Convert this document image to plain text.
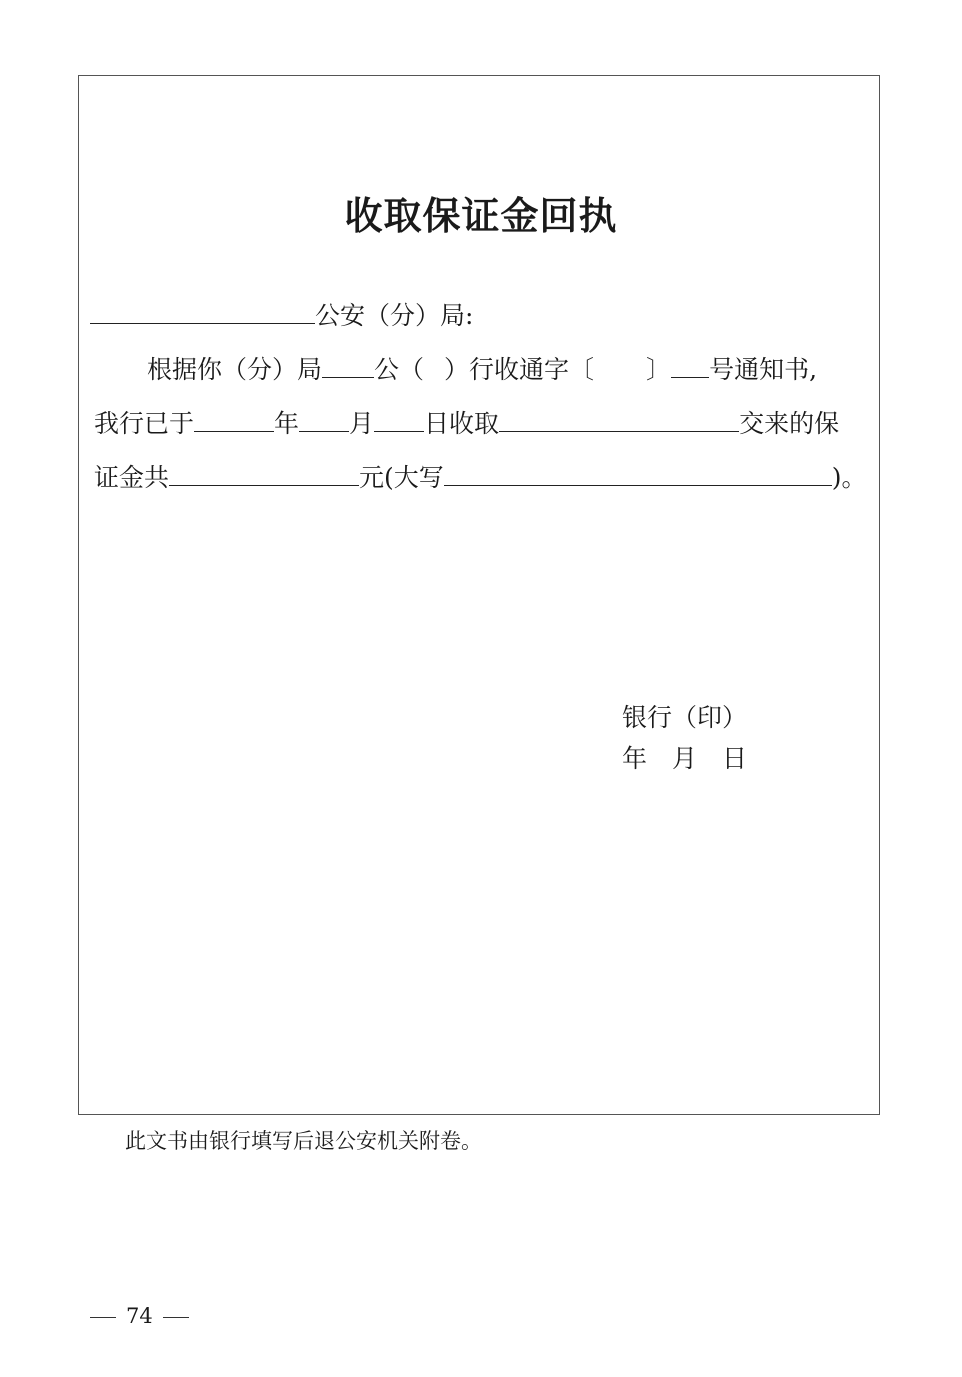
收取保证金回执
公安（分）局:
根据你（分）局 公（ ）行收通字〔 〕 号通知书,
我行已于	年 月 日收取	交来的保
证金共	元(大写	)。
银行（印）
年　月　日
此文书由银行填写后退公安机关附卷。
74
